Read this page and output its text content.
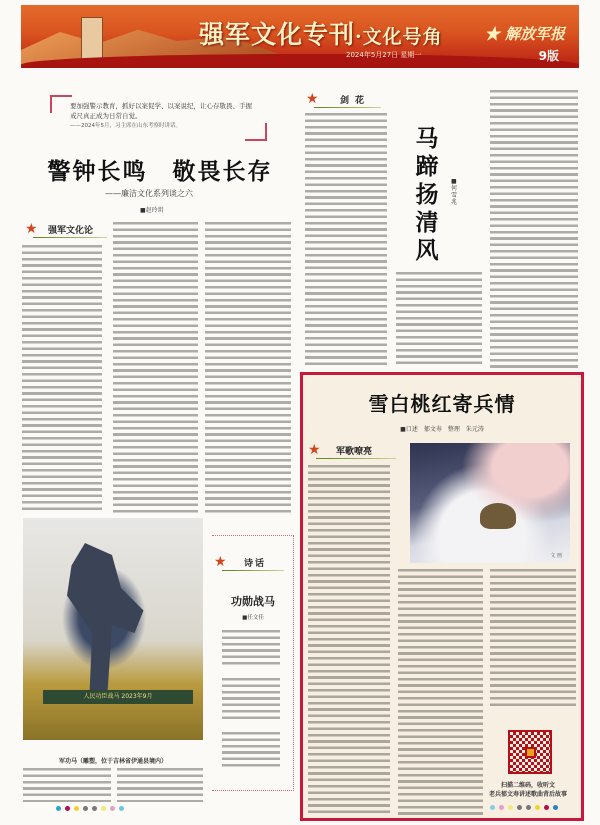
强军文化专刊·文化号角	★ 解放军报
2024年5月27日 星期一	9版
要加强警示教育，抓好以案促学、以案说纪，让心存敬畏、手握戒尺真正成为日常自觉。
——2024年5月，习主席在山东考察时讲话。
警钟长鸣　敬畏长存
——廉洁文化系列谈之六
■赵玲玥
★ 强军文化论
人民功臣战马 2023年9月
军功马（雕塑，位于吉林省伊通县境内）
★ 诗话
功勋战马
■任文佳
★ 剑花
马蹄扬清风
■何雪兆
雪白桃红寄兵情
■口述　郁文寿　整理　朱元涛
★ 军歌嘹亮
文 画
扫描二维码，收听文
老兵郁文寿讲述歌曲背后故事
